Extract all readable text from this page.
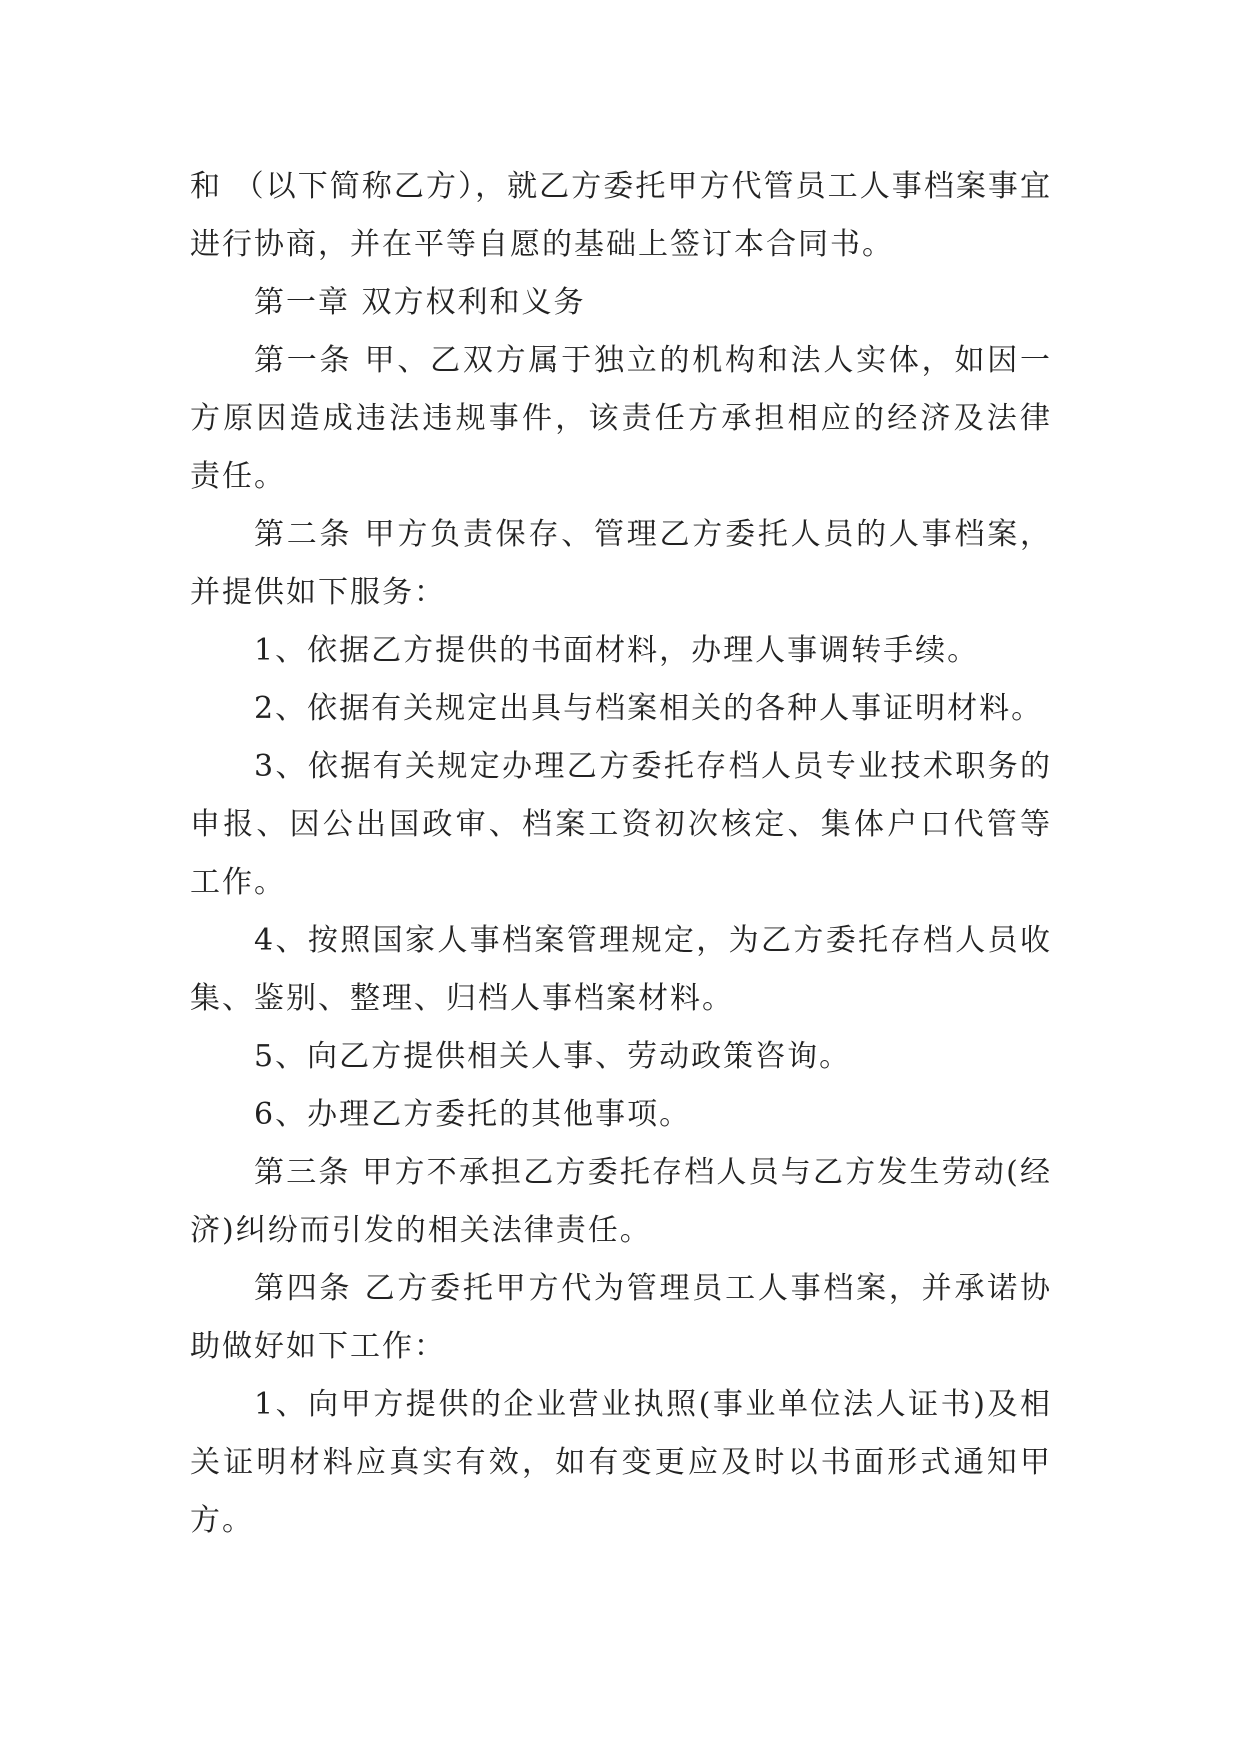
和 （以下简称乙方），就乙方委托甲方代管员工人事档案事宜进行协商，并在平等自愿的基础上签订本合同书。

第一章 双方权利和义务

第一条 甲、乙双方属于独立的机构和法人实体，如因一方原因造成违法违规事件，该责任方承担相应的经济及法律责任。

第二条 甲方负责保存、管理乙方委托人员的人事档案，并提供如下服务：

1、依据乙方提供的书面材料，办理人事调转手续。

2、依据有关规定出具与档案相关的各种人事证明材料。

3、依据有关规定办理乙方委托存档人员专业技术职务的申报、因公出国政审、档案工资初次核定、集体户口代管等工作。

4、按照国家人事档案管理规定，为乙方委托存档人员收集、鉴别、整理、归档人事档案材料。

5、向乙方提供相关人事、劳动政策咨询。

6、办理乙方委托的其他事项。

第三条 甲方不承担乙方委托存档人员与乙方发生劳动(经济)纠纷而引发的相关法律责任。

第四条 乙方委托甲方代为管理员工人事档案，并承诺协助做好如下工作：

1、向甲方提供的企业营业执照(事业单位法人证书)及相关证明材料应真实有效，如有变更应及时以书面形式通知甲方。
